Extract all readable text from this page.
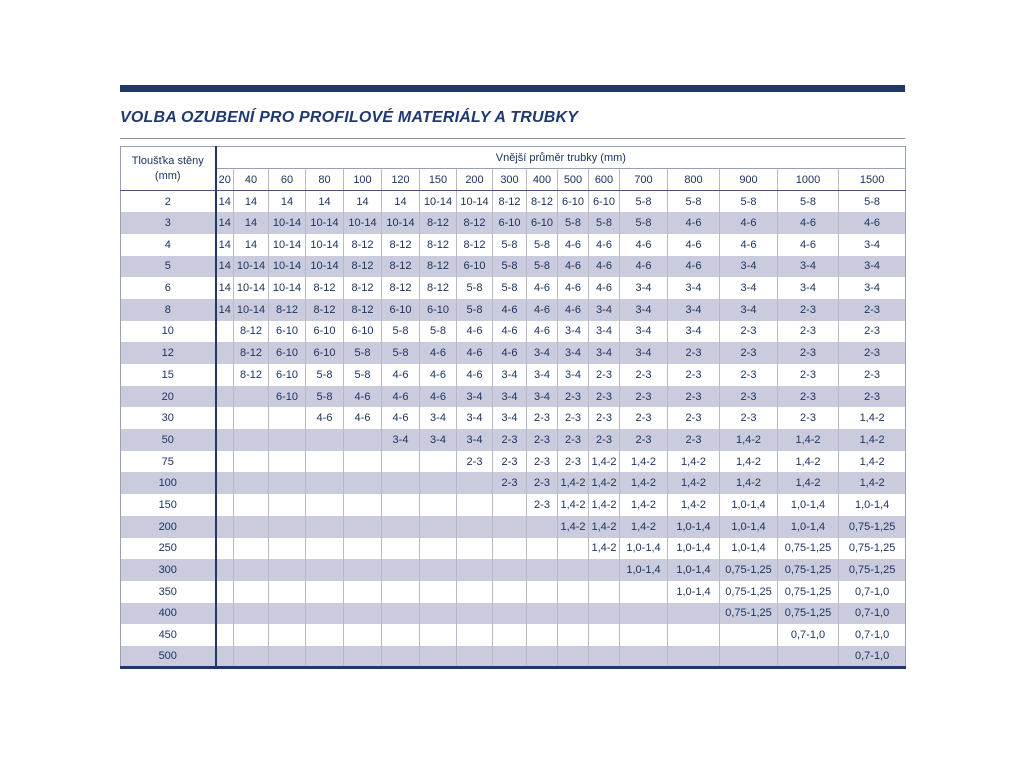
VOLBA OZUBENÍ PRO PROFILOVÉ MATERIÁLY A TRUBKY
Tloušťka stěny
(mm)	Vnější průměr trubky (mm)																
	20	40	60	80	100	120	150	200	300	400	500	600	700	800	900	1000	1500
2	14	14	14	14	14	14	10-14	10-14	8-12	8-12	6-10	6-10	5-8	5-8	5-8	5-8	5-8
3	14	14	10-14	10-14	10-14	10-14	8-12	8-12	6-10	6-10	5-8	5-8	5-8	4-6	4-6	4-6	4-6
4	14	14	10-14	10-14	8-12	8-12	8-12	8-12	5-8	5-8	4-6	4-6	4-6	4-6	4-6	4-6	3-4
5	14	10-14	10-14	10-14	8-12	8-12	8-12	6-10	5-8	5-8	4-6	4-6	4-6	4-6	3-4	3-4	3-4
6	14	10-14	10-14	8-12	8-12	8-12	8-12	5-8	5-8	4-6	4-6	4-6	3-4	3-4	3-4	3-4	3-4
8	14	10-14	8-12	8-12	8-12	6-10	6-10	5-8	4-6	4-6	4-6	3-4	3-4	3-4	3-4	2-3	2-3
10		8-12	6-10	6-10	6-10	5-8	5-8	4-6	4-6	4-6	3-4	3-4	3-4	3-4	2-3	2-3	2-3
12		8-12	6-10	6-10	5-8	5-8	4-6	4-6	4-6	3-4	3-4	3-4	3-4	2-3	2-3	2-3	2-3
15		8-12	6-10	5-8	5-8	4-6	4-6	4-6	3-4	3-4	3-4	2-3	2-3	2-3	2-3	2-3	2-3
20			6-10	5-8	4-6	4-6	4-6	3-4	3-4	3-4	2-3	2-3	2-3	2-3	2-3	2-3	2-3
30				4-6	4-6	4-6	3-4	3-4	3-4	2-3	2-3	2-3	2-3	2-3	2-3	2-3	1,4-2
50						3-4	3-4	3-4	2-3	2-3	2-3	2-3	2-3	2-3	1,4-2	1,4-2	1,4-2
75								2-3	2-3	2-3	2-3	1,4-2	1,4-2	1,4-2	1,4-2	1,4-2	1,4-2
100									2-3	2-3	1,4-2	1,4-2	1,4-2	1,4-2	1,4-2	1,4-2	1,4-2
150										2-3	1,4-2	1,4-2	1,4-2	1,4-2	1,0-1,4	1,0-1,4	1,0-1,4
200											1,4-2	1,4-2	1,4-2	1,0-1,4	1,0-1,4	1,0-1,4	0,75-1,25
250												1,4-2	1,0-1,4	1,0-1,4	1,0-1,4	0,75-1,25	0,75-1,25
300													1,0-1,4	1,0-1,4	0,75-1,25	0,75-1,25	0,75-1,25
350														1,0-1,4	0,75-1,25	0,75-1,25	0,7-1,0
400															0,75-1,25	0,75-1,25	0,7-1,0
450																0,7-1,0	0,7-1,0
500																	0,7-1,0
